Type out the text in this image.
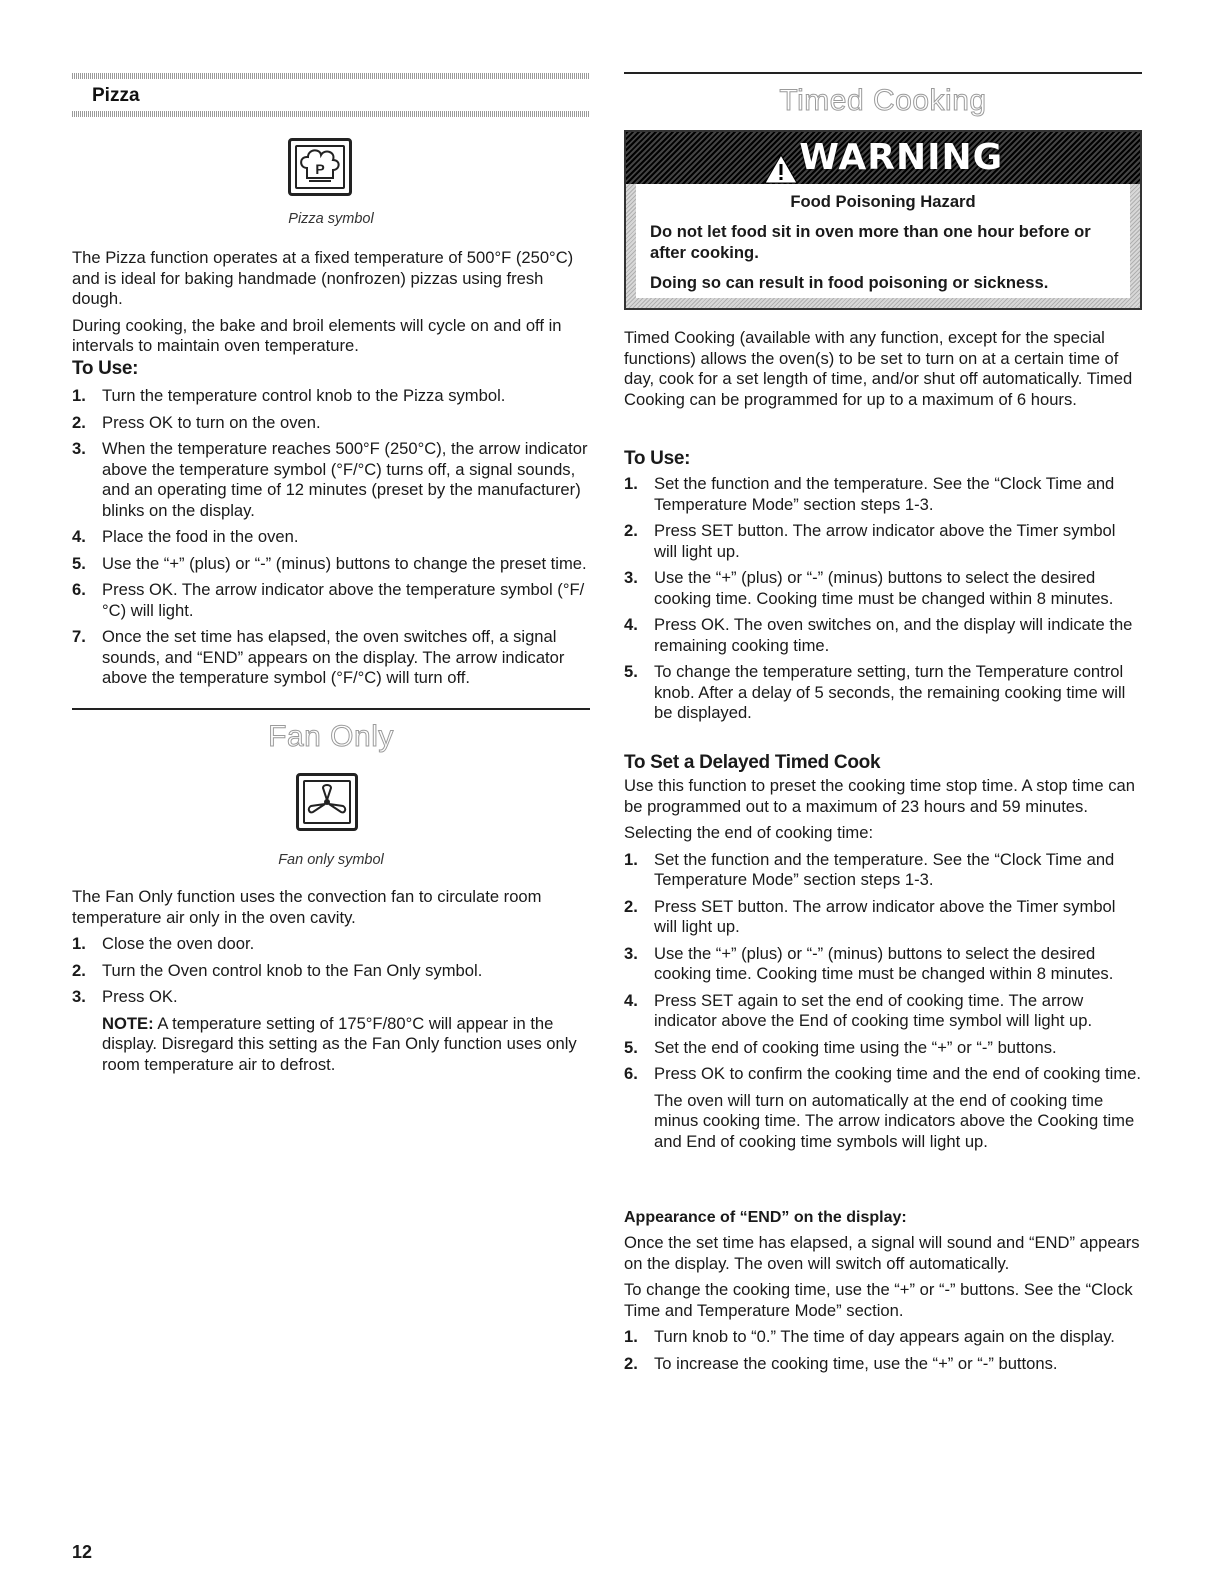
Pizza
P
Pizza symbol

The Pizza function operates at a fixed temperature of 500°F (250°C) and is ideal for baking handmade (nonfrozen) pizzas using fresh dough.

During cooking, the bake and broil elements will cycle on and off in intervals to maintain oven temperature.

To Use:
1. Turn the temperature control knob to the Pizza symbol.
2. Press OK to turn on the oven.
3. When the temperature reaches 500°F (250°C), the arrow indicator above the temperature symbol (°F/°C) turns off, a signal sounds, and an operating time of 12 minutes (preset by the manufacturer) blinks on the display.
4. Place the food in the oven.
5. Use the “+” (plus) or “-” (minus) buttons to change the preset time.
6. Press OK. The arrow indicator above the temperature symbol (°F/°C) will light.
7. Once the set time has elapsed, the oven switches off, a signal sounds, and “END” appears on the display. The arrow indicator above the temperature symbol (°F/°C) will turn off.
Fan Only
Fan only symbol

The Fan Only function uses the convection fan to circulate room temperature air only in the oven cavity.

1. Close the oven door.
2. Turn the Oven control knob to the Fan Only symbol.
3. Press OK.
NOTE: A temperature setting of 175°F/80°C will appear in the display. Disregard this setting as the Fan Only function uses only room temperature air to defrost.
Timed Cooking
WARNING
Food Poisoning Hazard
Do not let food sit in oven more than one hour before or after cooking.
Doing so can result in food poisoning or sickness.

Timed Cooking (available with any function, except for the special functions) allows the oven(s) to be set to turn on at a certain time of day, cook for a set length of time, and/or shut off automatically. Timed Cooking can be programmed for up to a maximum of 6 hours.

To Use:
1. Set the function and the temperature. See the “Clock Time and Temperature Mode” section steps 1-3.
2. Press SET button. The arrow indicator above the Timer symbol will light up.
3. Use the “+” (plus) or “-” (minus) buttons to select the desired cooking time. Cooking time must be changed within 8 minutes.
4. Press OK. The oven switches on, and the display will indicate the remaining cooking time.
5. To change the temperature setting, turn the Temperature control knob. After a delay of 5 seconds, the remaining cooking time will be displayed.
To Set a Delayed Timed Cook

Use this function to preset the cooking time stop time. A stop time can be programmed out to a maximum of 23 hours and 59 minutes.

Selecting the end of cooking time:

1. Set the function and the temperature. See the “Clock Time and Temperature Mode” section steps 1-3.
2. Press SET button. The arrow indicator above the Timer symbol will light up.
3. Use the “+” (plus) or “-” (minus) buttons to select the desired cooking time. Cooking time must be changed within 8 minutes.
4. Press SET again to set the end of cooking time. The arrow indicator above the End of cooking time symbol will light up.
5. Set the end of cooking time using the “+” or “-” buttons.
6. Press OK to confirm the cooking time and the end of cooking time.
The oven will turn on automatically at the end of cooking time minus cooking time. The arrow indicators above the Cooking time and End of cooking time symbols will light up.
Appearance of “END” on the display:

Once the set time has elapsed, a signal will sound and “END” appears on the display. The oven will switch off automatically.

To change the cooking time, use the “+” or “-” buttons. See the “Clock Time and Temperature Mode” section.

1. Turn knob to “0.” The time of day appears again on the display.
2. To increase the cooking time, use the “+” or “-” buttons.
12
